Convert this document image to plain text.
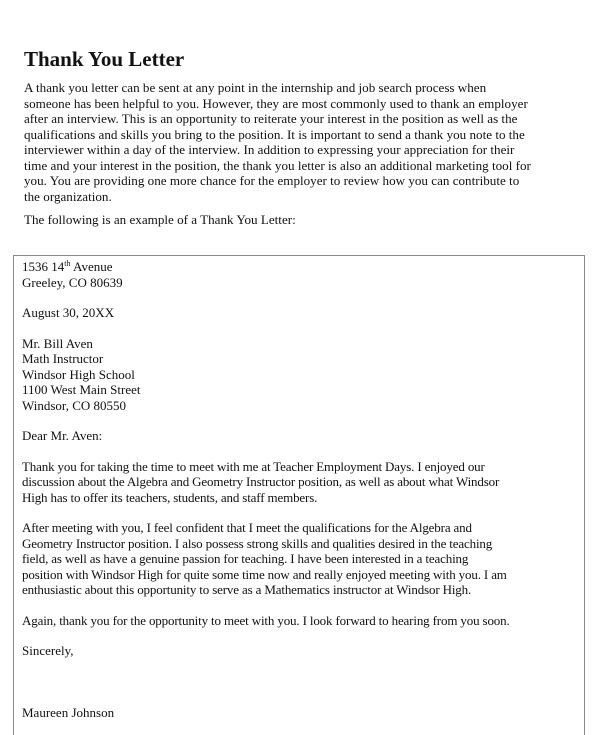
Thank You Letter

A thank you letter can be sent at any point in the internship and job search process when
someone has been helpful to you. However, they are most commonly used to thank an employer
after an interview. This is an opportunity to reiterate your interest in the position as well as the
qualifications and skills you bring to the position. It is important to send a thank you note to the
interviewer within a day of the interview. In addition to expressing your appreciation for their
time and your interest in the position, the thank you letter is also an additional marketing tool for
you. You are providing one more chance for the employer to review how you can contribute to
the organization.

The following is an example of a Thank You Letter:

1536 14th Avenue
Greeley, CO 80639
August 30, 20XX
Mr. Bill Aven
Math Instructor
Windsor High School
1100 West Main Street
Windsor, CO 80550
Dear Mr. Aven:
Thank you for taking the time to meet with me at Teacher Employment Days. I enjoyed our
discussion about the Algebra and Geometry Instructor position, as well as about what Windsor
High has to offer its teachers, students, and staff members.
After meeting with you, I feel confident that I meet the qualifications for the Algebra and
Geometry Instructor position. I also possess strong skills and qualities desired in the teaching
field, as well as have a genuine passion for teaching. I have been interested in a teaching
position with Windsor High for quite some time now and really enjoyed meeting with you. I am
enthusiastic about this opportunity to serve as a Mathematics instructor at Windsor High.
Again, thank you for the opportunity to meet with you. I look forward to hearing from you soon.
Sincerely,
Maureen Johnson
